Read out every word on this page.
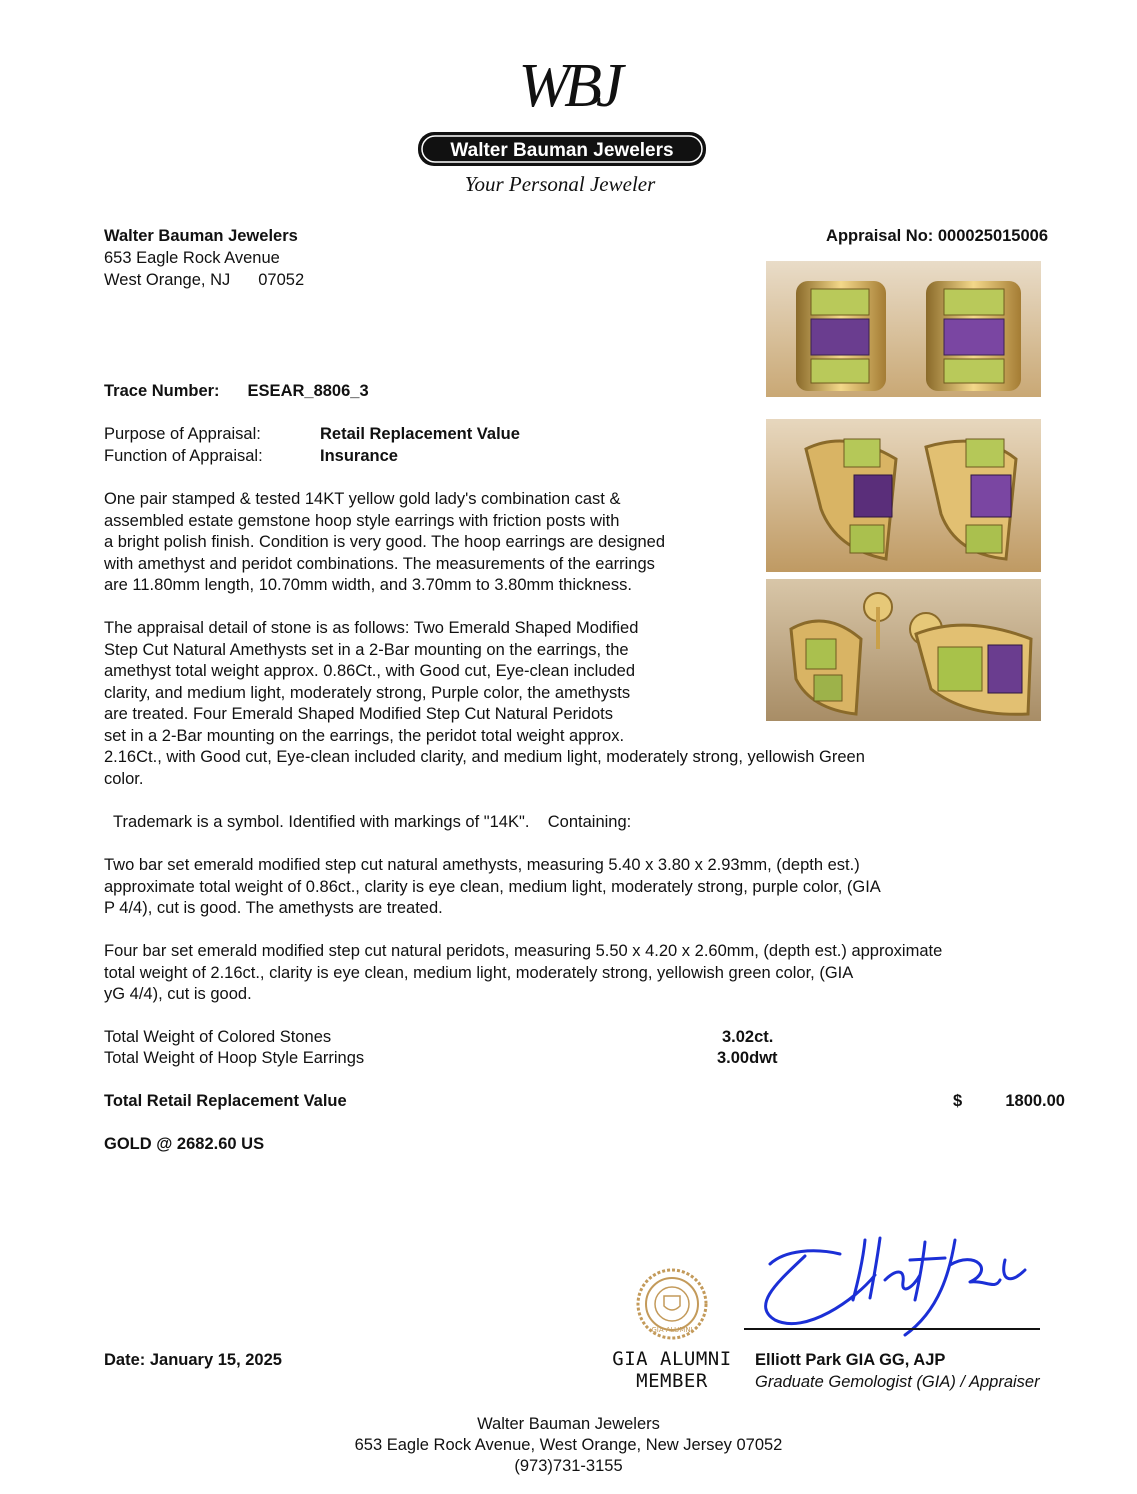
WBJ
Walter Bauman Jewelers
Your Personal Jeweler
Walter Bauman Jewelers
653 Eagle Rock Avenue
West Orange, NJ 07052
Appraisal No: 000025015006
Trace Number: ESEAR_8806_3
Purpose of Appraisal:	Retail Replacement Value
Function of Appraisal:	Insurance
One pair stamped & tested 14KT yellow gold lady's combination cast &
assembled estate gemstone hoop style earrings with friction posts with
a bright polish finish. Condition is very good. The hoop earrings are designed
with amethyst and peridot combinations. The measurements of the earrings
are 11.80mm length, 10.70mm width, and 3.70mm to 3.80mm thickness.
The appraisal detail of stone is as follows: Two Emerald Shaped Modified
Step Cut Natural Amethysts set in a 2-Bar mounting on the earrings, the
amethyst total weight approx. 0.86Ct., with Good cut, Eye-clean included
clarity, and medium light, moderately strong, Purple color, the amethysts
are treated. Four Emerald Shaped Modified Step Cut Natural Peridots
set in a 2-Bar mounting on the earrings, the peridot total weight approx.
2.16Ct., with Good cut, Eye-clean included clarity, and medium light, moderately strong, yellowish Green
color.
Trademark is a symbol. Identified with markings of "14K".    Containing:
Two bar set emerald modified step cut natural amethysts, measuring 5.40 x 3.80 x 2.93mm, (depth est.)
approximate total weight of 0.86ct., clarity is eye clean, medium light, moderately strong, purple color, (GIA
P 4/4), cut is good. The amethysts are treated.
Four bar set emerald modified step cut natural peridots, measuring 5.50 x 4.20 x 2.60mm, (depth est.) approximate
total weight of 2.16ct., clarity is eye clean, medium light, moderately strong, yellowish green color, (GIA
yG 4/4), cut is good.
Total Weight of Colored Stones	3.02ct.
Total Weight of Hoop Style Earrings	3.00dwt
Total Retail Replacement Value	$	1800.00
GOLD @ 2682.60 US
GIA ALUMNI
GIA ALUMNI
MEMBER
Date: January 15, 2025	Elliott Park GIA GG, AJP
Graduate Gemologist (GIA) / Appraiser
Walter Bauman Jewelers
653 Eagle Rock Avenue, West Orange, New Jersey 07052
(973)731-3155
